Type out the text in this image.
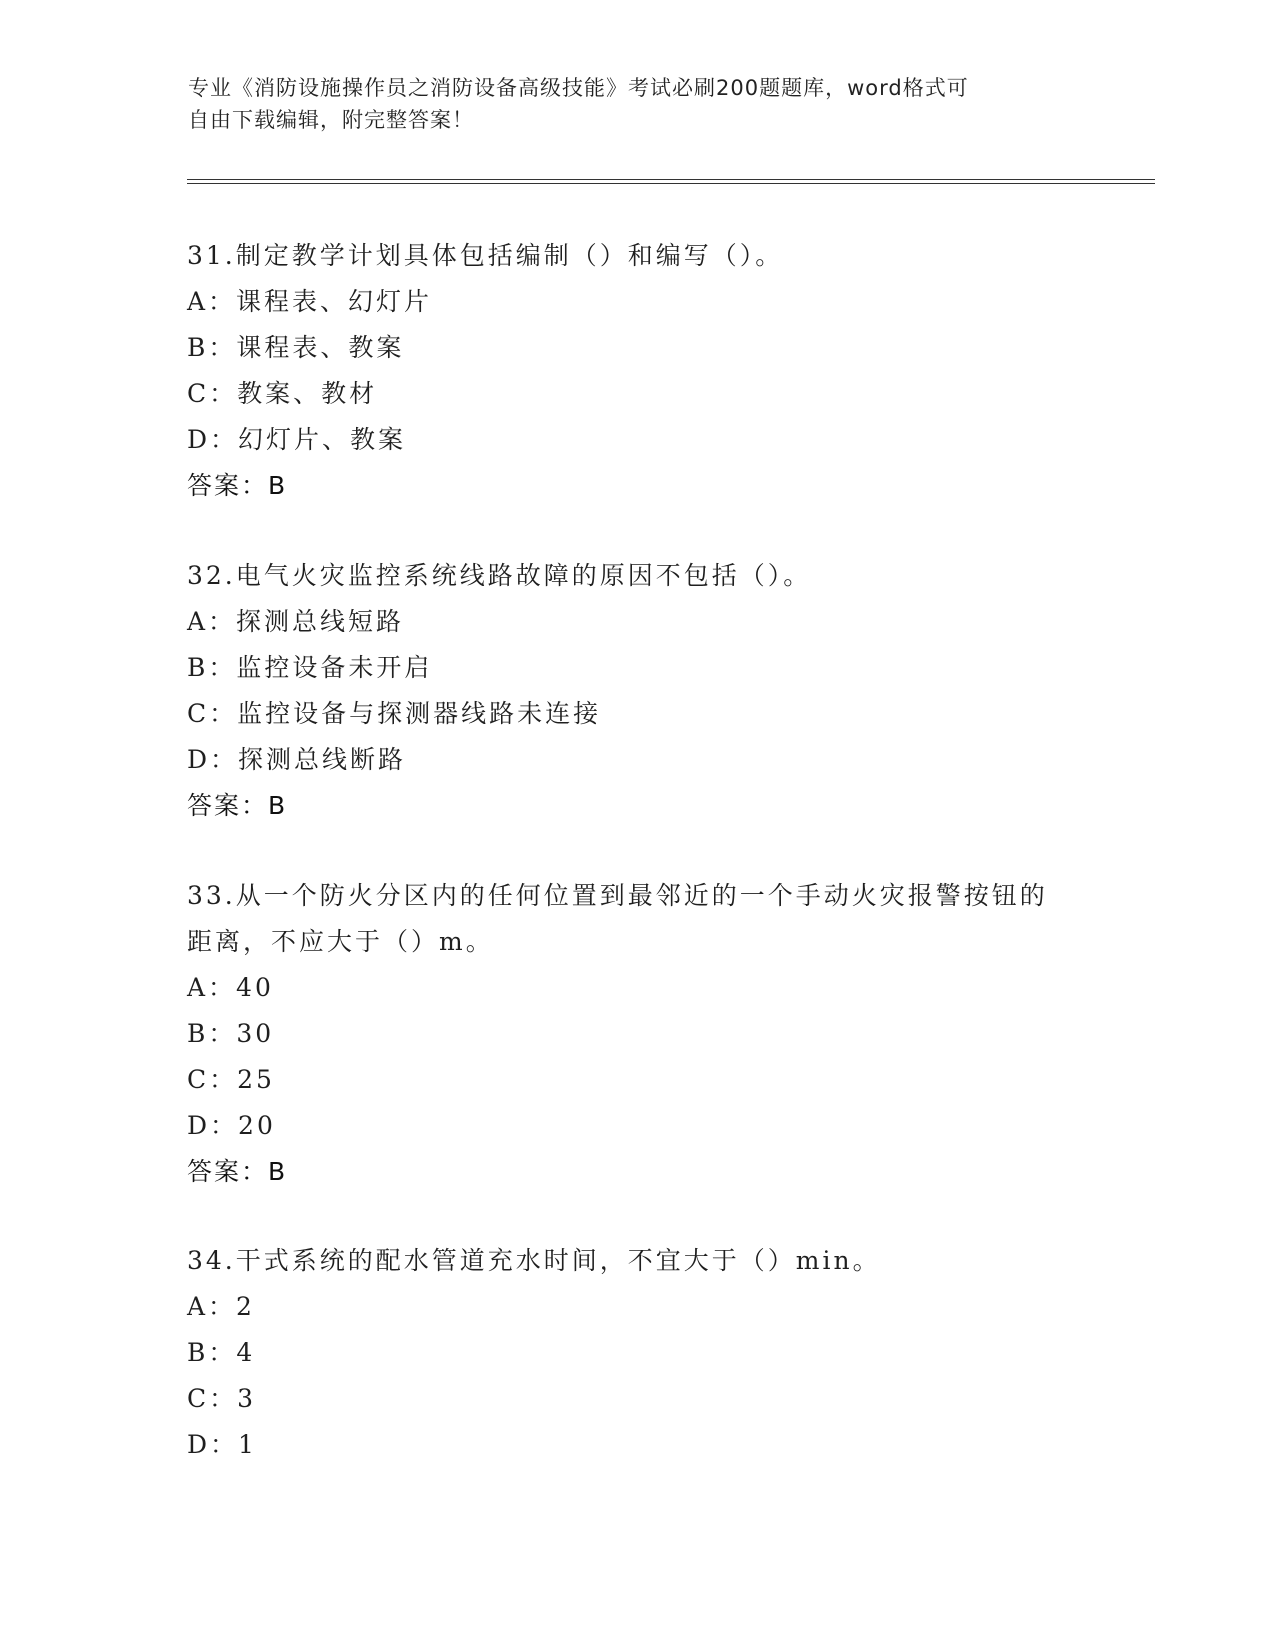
专业《消防设施操作员之消防设备高级技能》考试必刷200题题库，word格式可
自由下载编辑，附完整答案！
31.制定教学计划具体包括编制（）和编写（）。
A：课程表、幻灯片
B：课程表、教案
C：教案、教材
D：幻灯片、教案
答案：B
32.电气火灾监控系统线路故障的原因不包括（）。
A：探测总线短路
B：监控设备未开启
C：监控设备与探测器线路未连接
D：探测总线断路
答案：B
33.从一个防火分区内的任何位置到最邻近的一个手动火灾报警按钮的
距离，不应大于（）m。
A：40
B：30
C：25
D：20
答案：B
34.干式系统的配水管道充水时间，不宜大于（）min。
A：2
B：4
C：3
D：1
